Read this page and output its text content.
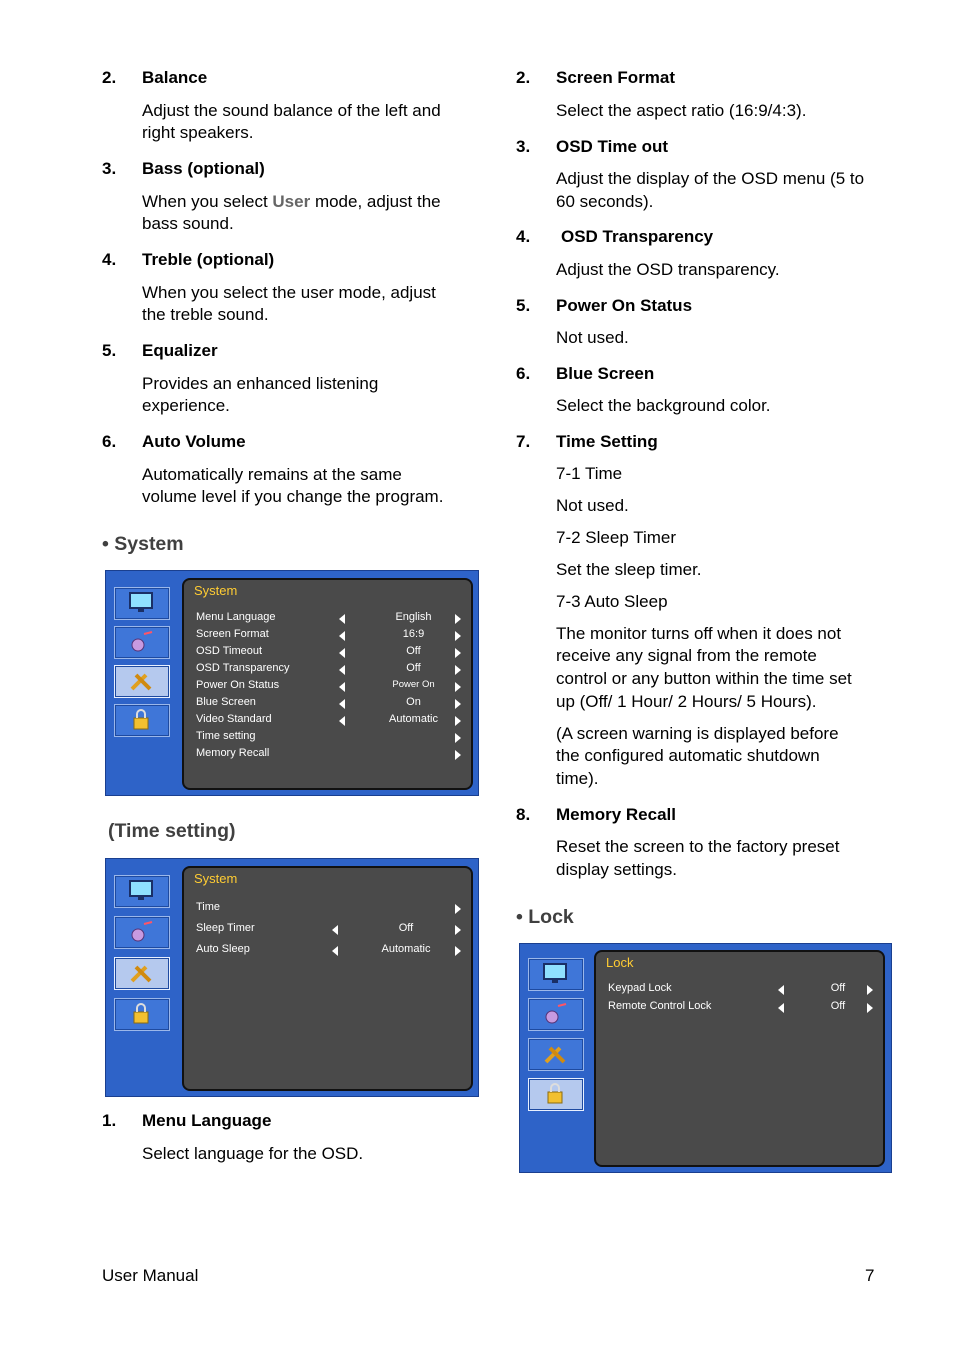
2. Balance
Adjust the sound balance of the left and
right speakers.
3. Bass (optional)
When you select User mode, adjust the
bass sound.
4. Treble (optional)
When you select the user mode, adjust
the treble sound.
5. Equalizer
Provides an enhanced listening
experience.
6. Auto Volume
Automatically remains at the same
volume level if you change the program.
• System
System
Menu Language	English
Screen Format	16:9
OSD Timeout	Off
OSD Transparency	Off
Power On Status	Power On
Blue Screen	On
Video Standard	Automatic
Time setting
Memory Recall
(Time setting)
System
Time
Sleep Timer	Off
Auto Sleep	Automatic
1. Menu Language
Select language for the OSD.
2. Screen Format
Select the aspect ratio (16:9/4:3).
3. OSD Time out
Adjust the display of the OSD menu (5 to
60 seconds).
4. OSD Transparency
Adjust the OSD transparency.
5. Power On Status
Not used.
6. Blue Screen
Select the background color.
7. Time Setting
7-1 Time
Not used.
7-2 Sleep Timer
Set the sleep timer.
7-3 Auto Sleep
The monitor turns off when it does not
receive any signal from the remote
control or any button within the time set
up (Off/ 1 Hour/ 2 Hours/ 5 Hours).
(A screen warning is displayed before
the configured automatic shutdown
time).
8. Memory Recall
Reset the screen to the factory preset
display settings.
• Lock
Lock
Keypad Lock	Off
Remote Control Lock	Off
User Manual	7
